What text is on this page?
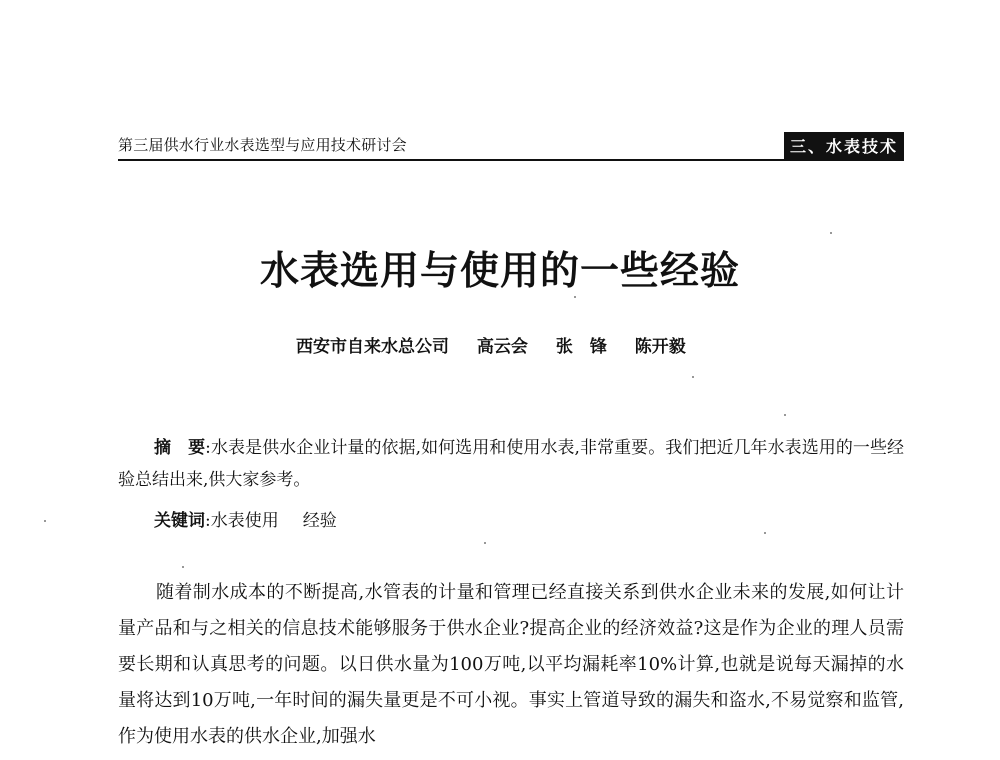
第三届供水行业水表选型与应用技术研讨会	三、水表技术
水表选用与使用的一些经验
西安市自来水总公司 高云会 张　锋 陈开毅
摘　要:水表是供水企业计量的依据,如何选用和使用水表,非常重要。我们把近几年水表选用的一些经验总结出来,供大家参考。
关键词:水表使用 经验
随着制水成本的不断提高,水管表的计量和管理已经直接关系到供水企业未来的发展,如何让计量产品和与之相关的信息技术能够服务于供水企业?提高企业的经济效益?这是作为企业的理人员需要长期和认真思考的问题。以日供水量为100万吨,以平均漏耗率10%计算,也就是说每天漏掉的水量将达到10万吨,一年时间的漏失量更是不可小视。事实上管道导致的漏失和盗水,不易觉察和监管,作为使用水表的供水企业,加强水
